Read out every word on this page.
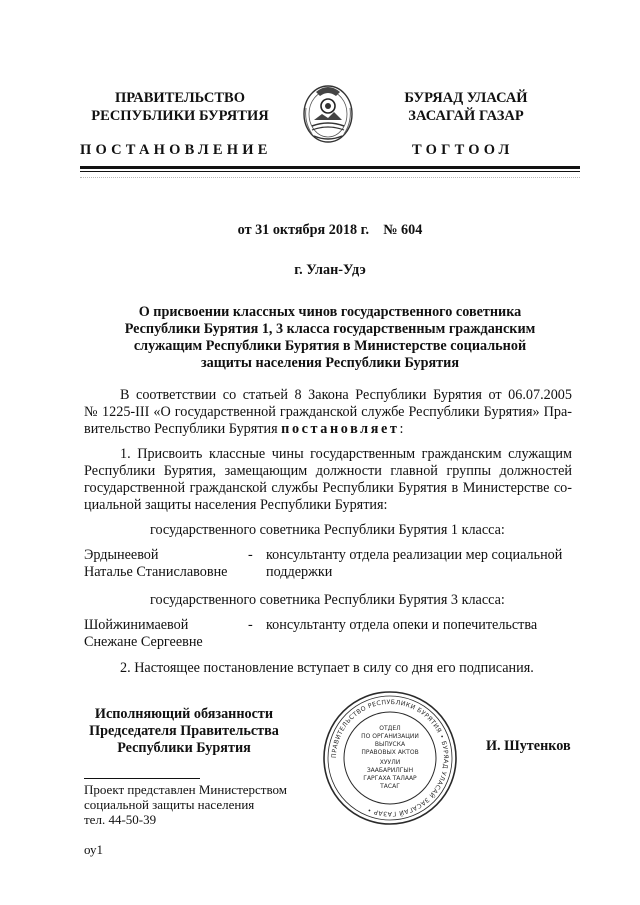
ПРАВИТЕЛЬСТВО
РЕСПУБЛИКИ БУРЯТИЯ
БУРЯАД УЛАСАЙ
ЗАСАГАЙ ГАЗАР
ПОСТАНОВЛЕНИЕ	ТОГТООЛ
от 31 октября 2018 г.    № 604
г. Улан-Удэ
О присвоении классных чинов государственного советника
Республики Бурятия 1, 3 класса государственным гражданским
служащим Республики Бурятия в Министерстве социальной
защиты населения Республики Бурятия
В соответствии со статьей 8 Закона Республики Бурятия от 06.07.2005
№ 1225-III «О государственной гражданской службе Республики Бурятия» Пра-
вительство Республики Бурятия постановляет:
1. Присвоить классные чины государственным гражданским служащим
Республики Бурятия, замещающим должности главной группы должностей
государственной гражданской службы Республики Бурятия в Министерстве со-
циальной защиты населения Республики Бурятия:
государственного советника Республики Бурятия 1 класса:
Эрдынеевой
Наталье Станиславовне
- консультанту отдела реализации мер социальной
поддержки
государственного советника Республики Бурятия 3 класса:
Шойжинимаевой
Снежане Сергеевне
- консультанту отдела опеки и попечительства
2. Настоящее постановление вступает в силу со дня его подписания.
Исполняющий обязанности
Председателя Правительства
Республики Бурятия	ПРАВИТЕЛЬСТВО РЕСПУБЛИКИ БУРЯТИЯ • БУРЯАД УЛАСАЙ ЗАСАГАЙ ГАЗАР •
ОТДЕЛ
ПО ОРГАНИЗАЦИИ
ВЫПУСКА
ПРАВОВЫХ АКТОВ
ХУУЛИ
ЗААБАРИЛГЫН
ГАРГАХА ТАЛААР
ТАСАГ
И. Шутенков
Проект представлен Министерством
социальной защиты населения
тел. 44-50-39
оу1
